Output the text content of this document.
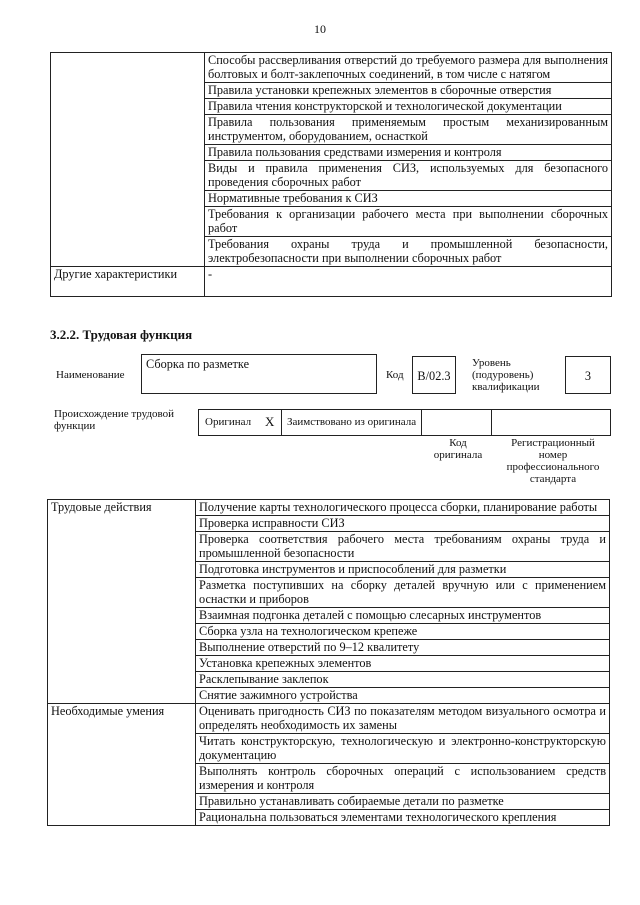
10
	Способы рассверливания отверстий до требуемого размера для выполнения болтовых и болт-заклепочных соединений, в том числе с натягом
	Правила установки крепежных элементов в сборочные отверстия
	Правила чтения конструкторской и технологической документации
	Правила пользования применяемым простым механизированным инструментом, оборудованием, оснасткой
	Правила пользования средствами измерения и контроля
	Виды и правила применения СИЗ, используемых для безопасного проведения сборочных работ
	Нормативные требования к СИЗ
	Требования к организации рабочего места при выполнении сборочных работ
	Требования охраны труда и промышленной безопасности, электробезопасности при выполнении сборочных работ
Другие характеристики	-
3.2.2. Трудовая функция
Наименование
Сборка по разметке
Код	В/02.3
Уровень (подуровень) квалификации
3
Происхождение трудовой функции	Оригинал X Заимствовано из оригинала
Код оригинала
Регистрационный номер профессионального стандарта
Трудовые действия	Получение карты технологического процесса сборки, планирование работы
	Проверка исправности СИЗ
	Проверка соответствия рабочего места требованиям охраны труда и промышленной безопасности
	Подготовка инструментов и приспособлений для разметки
	Разметка поступивших на сборку деталей вручную или с применением оснастки и приборов
	Взаимная подгонка деталей с помощью слесарных инструментов
	Сборка узла на технологическом крепеже
	Выполнение отверстий по 9–12 квалитету
	Установка крепежных элементов
	Расклепывание заклепок
	Снятие зажимного устройства
Необходимые умения	Оценивать пригодность СИЗ по показателям методом визуального осмотра и определять необходимость их замены
	Читать конструкторскую, технологическую и электронно-конструкторскую документацию
	Выполнять контроль сборочных операций с использованием средств измерения и контроля
	Правильно устанавливать собираемые детали по разметке
	Рациональна пользоваться элементами технологического крепления
